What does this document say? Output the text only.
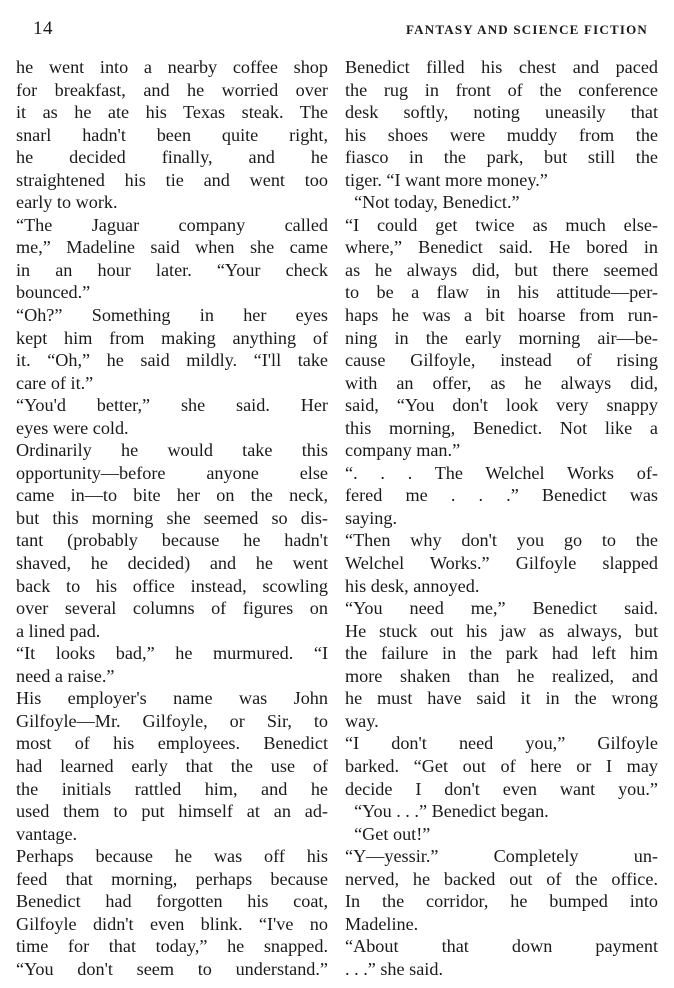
14	FANTASY AND SCIENCE FICTION
he went into a nearby coffee shop
for breakfast, and he worried over
it as he ate his Texas steak. The
snarl hadn't been quite right,
he decided finally, and he
straightened his tie and went too
early to work.
“The Jaguar company called
me,” Madeline said when she came
in an hour later. “Your check
bounced.”
“Oh?” Something in her eyes
kept him from making anything of
it. “Oh,” he said mildly. “I'll take
care of it.”
“You'd better,” she said. Her
eyes were cold.
Ordinarily he would take this
opportunity—before anyone else
came in—to bite her on the neck,
but this morning she seemed so dis-
tant (probably because he hadn't
shaved, he decided) and he went
back to his office instead, scowling
over several columns of figures on
a lined pad.
“It looks bad,” he murmured. “I
need a raise.”
His employer's name was John
Gilfoyle—Mr. Gilfoyle, or Sir, to
most of his employees. Benedict
had learned early that the use of
the initials rattled him, and he
used them to put himself at an ad-
vantage.
Perhaps because he was off his
feed that morning, perhaps because
Benedict had forgotten his coat,
Gilfoyle didn't even blink. “I've no
time for that today,” he snapped.
“You don't seem to understand.”
Benedict filled his chest and paced
the rug in front of the conference
desk softly, noting uneasily that
his shoes were muddy from the
fiasco in the park, but still the
tiger. “I want more money.”
“Not today, Benedict.”
“I could get twice as much else-
where,” Benedict said. He bored in
as he always did, but there seemed
to be a flaw in his attitude—per-
haps he was a bit hoarse from run-
ning in the early morning air—be-
cause Gilfoyle, instead of rising
with an offer, as he always did,
said, “You don't look very snappy
this morning, Benedict. Not like a
company man.”
“. . . The Welchel Works of-
fered me . . .” Benedict was
saying.
“Then why don't you go to the
Welchel Works.” Gilfoyle slapped
his desk, annoyed.
“You need me,” Benedict said.
He stuck out his jaw as always, but
the failure in the park had left him
more shaken than he realized, and
he must have said it in the wrong
way.
“I don't need you,” Gilfoyle
barked. “Get out of here or I may
decide I don't even want you.”
“You . . .” Benedict began.
“Get out!”
“Y—yessir.” Completely un-
nerved, he backed out of the office.
In the corridor, he bumped into
Madeline.
“About that down payment
. . .” she said.
